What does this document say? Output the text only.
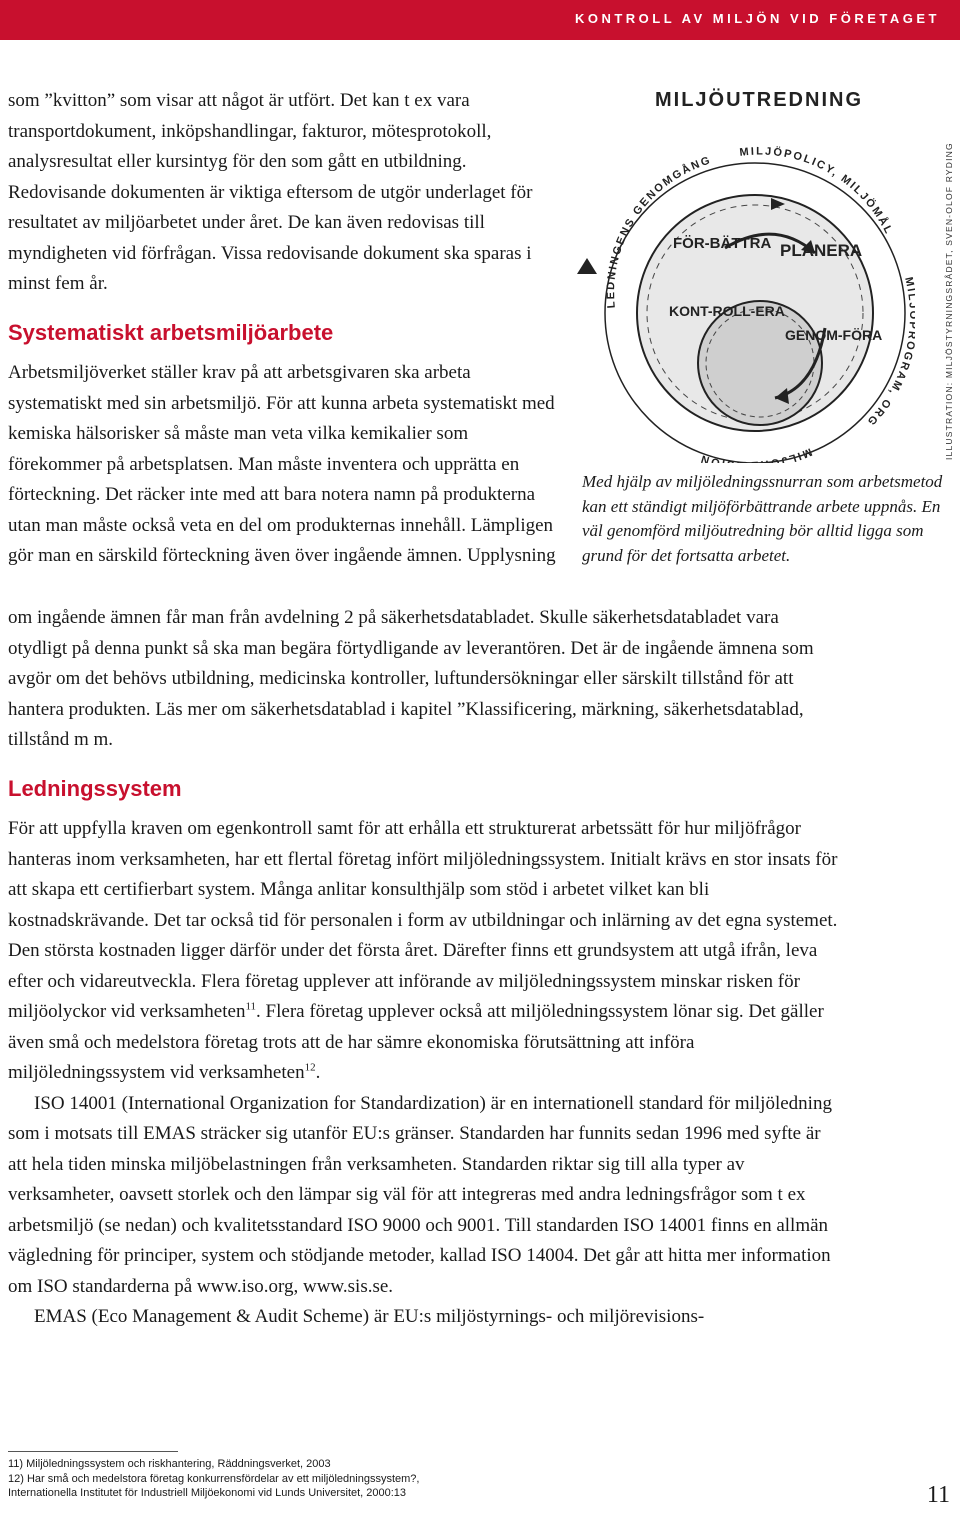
KONTROLL AV MILJÖN VID FÖRETAGET

som ”kvitton” som visar att något är utfört. Det kan t ex vara transportdokument, inköpshandlingar, fakturor, mötesprotokoll, analysresultat eller kursintyg för den som gått en utbildning. Redovisande dokumenten är viktiga eftersom de utgör underlaget för resultatet av miljöarbetet under året. De kan även redovisas till myndigheten vid förfrågan. Vissa redovisande dokument ska sparas i minst fem år.

Systematiskt arbetsmiljöarbete

Arbetsmiljöverket ställer krav på att arbetsgivaren ska arbeta systematiskt med sin arbetsmiljö. För att kunna arbeta systematiskt med kemiska hälsorisker så måste man veta vilka kemikalier som förekommer på arbetsplatsen. Man måste inventera och upprätta en förteckning. Det räcker inte med att bara notera namn på produkterna utan man måste också veta en del om produkternas innehåll. Lämpligen gör man en särskild förteckning även över ingående ämnen. Upplysning

om ingående ämnen får man från avdelning 2 på säkerhetsdatabladet. Skulle säkerhetsdatabladet vara otydligt på denna punkt så ska man begära förtydligande av leverantören. Det är de ingående ämnena som avgör om det behövs utbildning, medicinska kontroller, luftundersökningar eller särskilt tillstånd för att hantera produkten. Läs mer om säkerhetsdatablad i kapitel ”Klassificering, märkning, säkerhetsdatablad, tillstånd m m.

MILJÖUTREDNING
FÖR-BÄTTRA PLANERA
KONT-ROLL-ERA
GENOM-FÖRA
LEDNINGENS GENOMGÅNG
MILJÖPOLICY, MILJÖMÅL
M GRAM, ORG
MILJÖ ON	ILLUSTRATION: MILJÖSTYRNINGSRÅDET, SVEN-OLOF RYDING
Med hjälp av miljöledningssnurran som arbetsmetod kan ett ständigt miljöförbättrande arbete uppnås. En väl genomförd miljöutredning bör alltid ligga som grund för det fortsatta arbetet.
Ledningssystem

För att uppfylla kraven om egenkontroll samt för att erhålla ett strukturerat arbetssätt för hur miljöfrågor hanteras inom verksamheten, har ett flertal företag infört miljöledningssystem. Initialt krävs en stor insats för att skapa ett certifierbart system. Många anlitar konsulthjälp som stöd i arbetet vilket kan bli kostnadskrävande. Det tar också tid för personalen i form av utbildningar och inlärning av det egna systemet. Den största kostnaden ligger därför under det första året. Därefter finns ett grundsystem att utgå ifrån, leva efter och vidareutveckla. Flera företag upplever att införande av miljöledningssystem minskar risken för miljöolyckor vid verksamheten$^{11}$. Flera företag upplever också att miljöledningssystem lönar sig. Det gäller även små och medelstora företag trots att de har sämre ekonomiska förutsättning att införa miljöledningssystem vid verksamheten$^{12}$.

ISO 14001 (International Organization for Standardization) är en internationell standard för miljöledning som i motsats till EMAS sträcker sig utanför EU:s gränser. Standarden har funnits sedan 1996 med syfte är att hela tiden minska miljöbelastningen från verksamheten. Standarden riktar sig till alla typer av verksamheter, oavsett storlek och den lämpar sig väl för att integreras med andra ledningsfrågor som t ex arbetsmiljö (se nedan) och kvalitetsstandard ISO 9000 och 9001. Till standarden ISO 14001 finns en allmän vägledning för principer, system och stödjande metoder, kallad ISO 14004. Det går att hitta mer information om ISO standarderna på www.iso.org, www.sis.se.

EMAS (Eco Management & Audit Scheme) är EU:s miljöstyrnings- och miljörevisions-

11) Miljöledningssystem och riskhantering, Räddningsverket, 2003
12) Har små och medelstora företag konkurrensfördelar av ett miljöledningssystem?,
Internationella Institutet för Industriell Miljöekonomi vid Lunds Universitet, 2000:13	11
